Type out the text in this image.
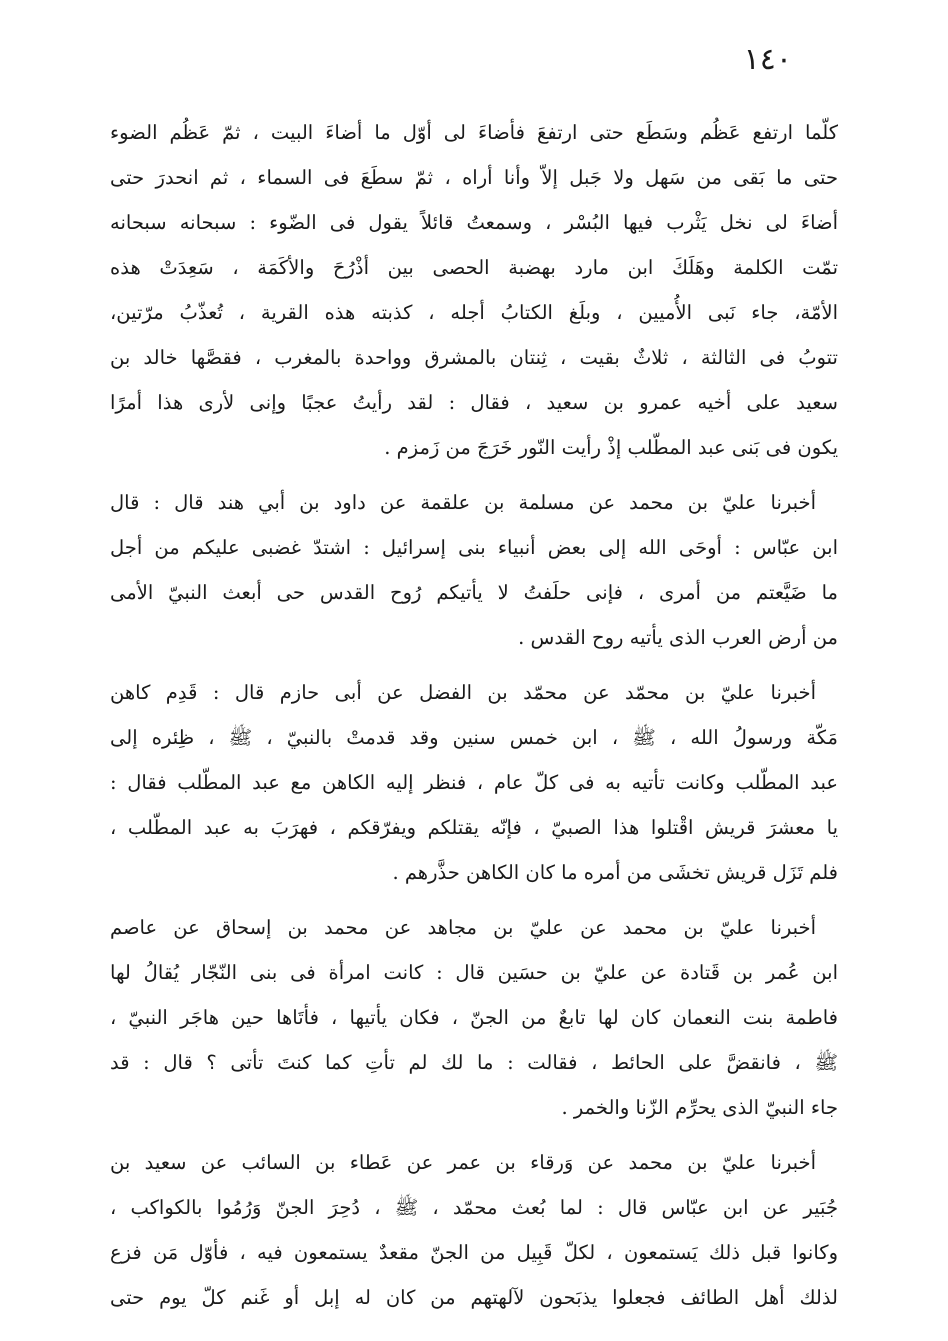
١٤٠
كلّما ارتفع عَظُم وسَطَع حتى ارتفعَ فأضاءَ لى أوّل ما أضاءَ البيت ، ثمّ عَظُم الضوء
حتى ما بَقى من سَهل ولا جَبل إلاّ وأنا أراه ، ثمّ سطَعَ فى السماء ، ثم انحدرَ حتى
أضاءَ لى نخل يَثْرب فيها البُسْر ، وسمعتُ قائلاً يقول فى الضّوء : سبحانه سبحانه
تمّت الكلمة وهَلَكَ ابن مارد بهضبة الحصى بين أذْرُحَ والأكَمَة ، سَعِدَتْ هذه
الأمّة، جاء نَبى الأُميين ، وبلَغ الكتابُ أجله ، كذبته هذه القرية ، تُعذّبُ مرّتين،
تتوبُ فى الثالثة ، ثلاثٌ بقيت ، ثِنتان بالمشرق وواحدة بالمغرب ، فقصَّها خالد بن
سعيد على أخيه عمرو بن سعيد ، فقال : لقد رأيتُ عجبًا وإنى لأرى هذا أمرًا
يكون فى بَنى عبد المطّلب إذْ رأيت النّور خَرَجَ من زَمزم .
أخبرنا عليّ بن محمد عن مسلمة بن علقمة عن داود بن أبي هند قال : قال
ابن عبّاس : أوحَى الله إلى بعض أنبياء بنى إسرائيل : اشتدّ غضبى عليكم من أجل
ما ضَيَّعتم من أمرى ، فإنى حلَفتُ لا يأتيكم رُوح القدس حى أبعث النبيّ الأمى
من أرض العرب الذى يأتيه روح القدس .
أخبرنا عليّ بن محمّد عن محمّد بن الفضل عن أبى حازم قال : قَدِم كاهن
مَكّة ورسولُ الله ، ﷺ ، ابن خمس سنين وقد قدمتْ بالنبيّ ، ﷺ ، ظِئره إلى
عبد المطّلب وكانت تأتيه به فى كلّ عام ، فنظر إليه الكاهن مع عبد المطّلب فقال :
يا معشرَ قريش اقْتلوا هذا الصبيّ ، فإنّه يقتلكم ويفرّقكم ، فهرَبَ به عبد المطّلب ،
فلم تَزَل قريش تخشَى من أمره ما كان الكاهن حذَّرهم .
أخبرنا عليّ بن محمد عن عليّ بن مجاهد عن محمد بن إسحاق عن عاصم
ابن عُمر بن قَتادة عن عليّ بن حسَين قال : كانت امرأة فى بنى النّجّار يُقالُ لها
فاطمة بنت النعمان كان لها تابعٌ من الجنّ ، فكان يأتيها ، فأتَاها حين هاجَر النبيّ ،
ﷺ ، فانقضَّ على الحائط ، فقالت : ما لك لم تأتِ كما كنتَ تأتى ؟ قال : قد
جاء النبيّ الذى يحرِّم الزّنا والخمر .
أخبرنا عليّ بن محمد عن وَرقاء بن عمر عن عَطاء بن السائب عن سعيد بن
جُبَير عن ابن عبّاس قال : لما بُعث محمّد ، ﷺ ، دُحِرَ الجنّ وَرُمُوا بالكواكب ،
وكانوا قبل ذلك يَستمعون ، لكلّ قَبِيل من الجنّ مقعدٌ يستمعون فيه ، فأوّل مَن فزع
لذلك أهل الطائف فجعلوا يذبَحون لآلهتهم من كان له إبل أو غَنم كلّ يوم حتى
